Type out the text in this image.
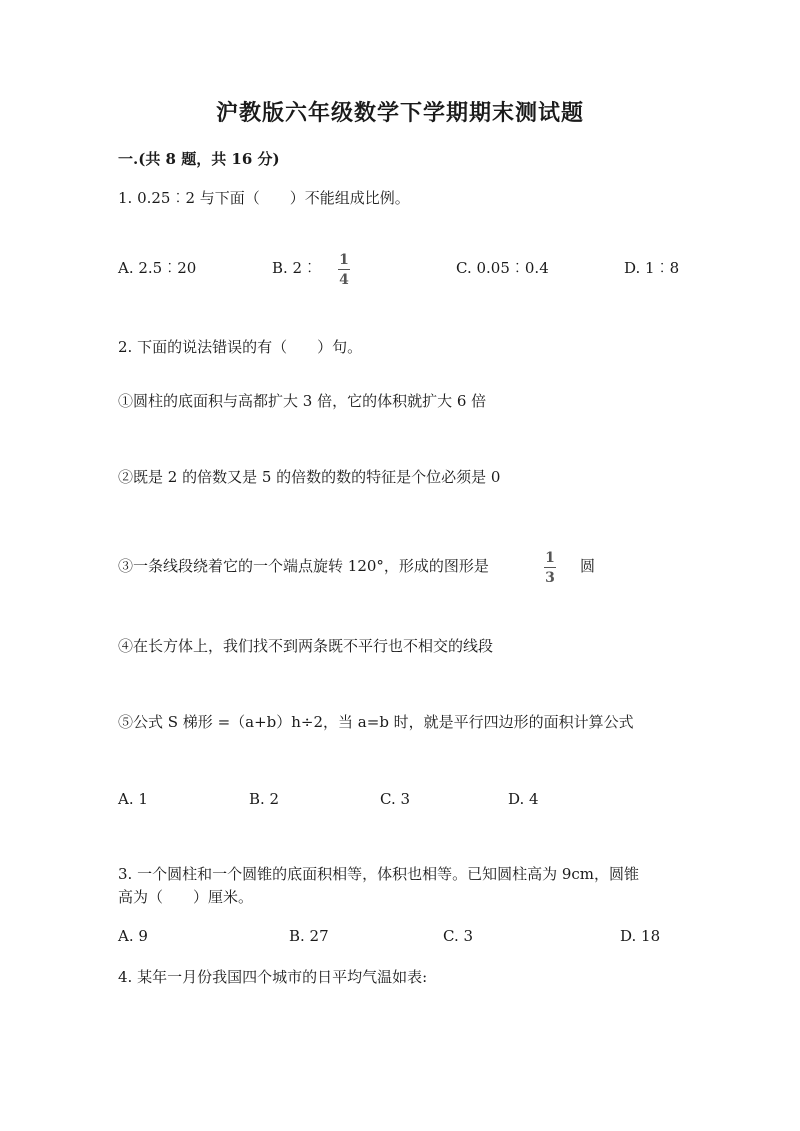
沪教版六年级数学下学期期末测试题
一.(共 8 题，共 16 分)
1. 0.25︰2 与下面（　　）不能组成比例。
A. 2.5︰20	B. 2︰ 1
4
C. 0.05︰0.4	D. 1︰8
2. 下面的说法错误的有（　　）句。
①圆柱的底面积与高都扩大 3 倍，它的体积就扩大 6 倍
②既是 2 的倍数又是 5 的倍数的数的特征是个位必须是 0
③一条线段绕着它的一个端点旋转 120°，形成的图形是	1
3
圆
④在长方体上，我们找不到两条既不平行也不相交的线段
⑤公式 S 梯形 =（a+b）h÷2，当 a=b 时，就是平行四边形的面积计算公式
A. 1	B. 2	C. 3	D. 4
3. 一个圆柱和一个圆锥的底面积相等，体积也相等。已知圆柱高为 9cm，圆锥
高为（　　）厘米。
A. 9	B. 27	C. 3	D. 18
4. 某年一月份我国四个城市的日平均气温如表:
